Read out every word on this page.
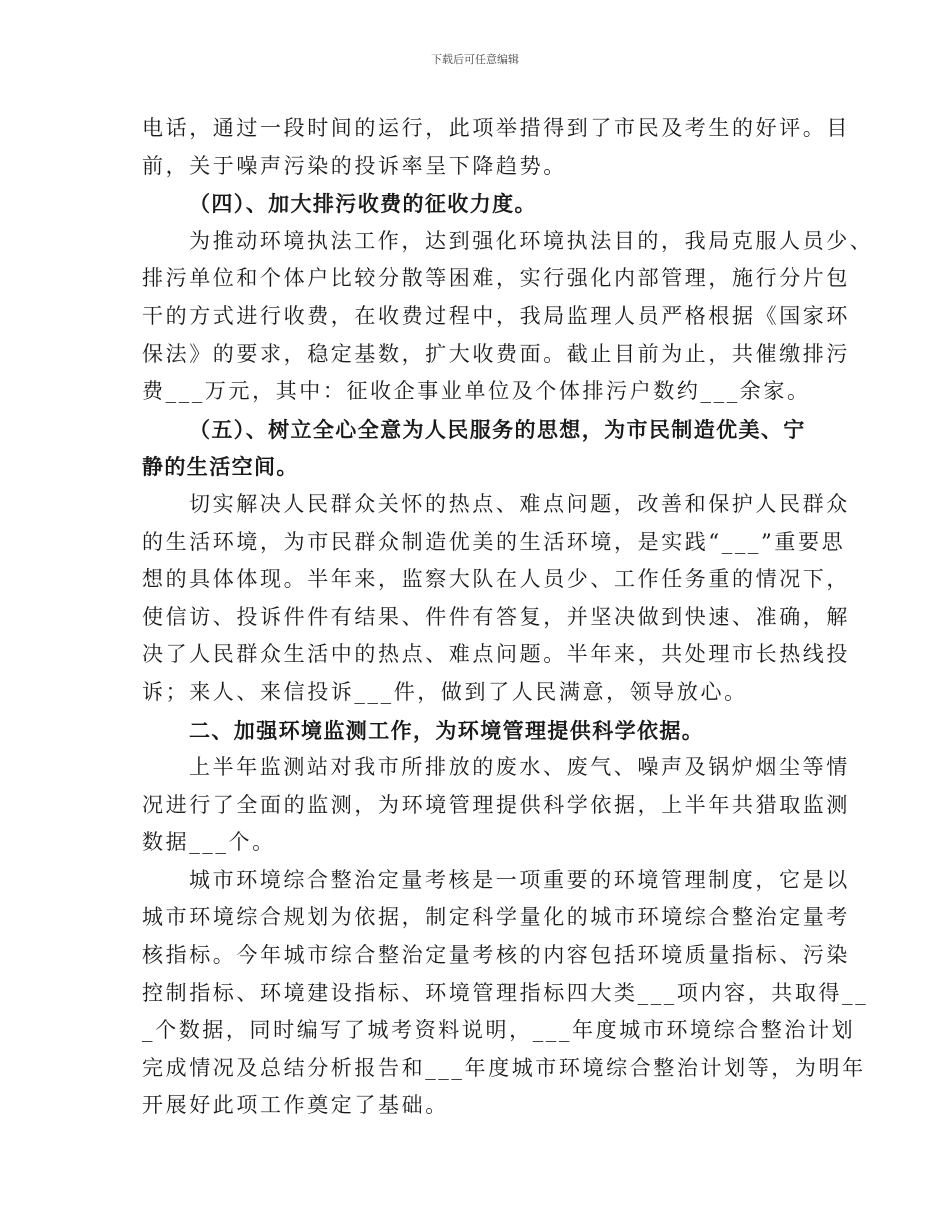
下载后可任意编辑
电话，通过一段时间的运行，此项举措得到了市民及考生的好评。目
前，关于噪声污染的投诉率呈下降趋势。
（四）、加大排污收费的征收力度。
为推动环境执法工作，达到强化环境执法目的，我局克服人员少、
排污单位和个体户比较分散等困难，实行强化内部管理，施行分片包
干的方式进行收费，在收费过程中，我局监理人员严格根据《国家环
保法》的要求，稳定基数，扩大收费面。截止目前为止，共催缴排污
费___万元，其中：征收企事业单位及个体排污户数约___余家。
（五）、树立全心全意为人民服务的思想，为市民制造优美、宁
静的生活空间。
切实解决人民群众关怀的热点、难点问题，改善和保护人民群众
的生活环境，为市民群众制造优美的生活环境，是实践“___”重要思
想的具体体现。半年来，监察大队在人员少、工作任务重的情况下，
使信访、投诉件件有结果、件件有答复，并坚决做到快速、准确，解
决了人民群众生活中的热点、难点问题。半年来，共处理市长热线投
诉；来人、来信投诉___件，做到了人民满意，领导放心。
二、加强环境监测工作，为环境管理提供科学依据。
上半年监测站对我市所排放的废水、废气、噪声及锅炉烟尘等情
况进行了全面的监测，为环境管理提供科学依据，上半年共猎取监测
数据___个。
城市环境综合整治定量考核是一项重要的环境管理制度，它是以
城市环境综合规划为依据，制定科学量化的城市环境综合整治定量考
核指标。今年城市综合整治定量考核的内容包括环境质量指标、污染
控制指标、环境建设指标、环境管理指标四大类___项内容，共取得__
_个数据，同时编写了城考资料说明，___年度城市环境综合整治计划
完成情况及总结分析报告和___年度城市环境综合整治计划等，为明年
开展好此项工作奠定了基础。
